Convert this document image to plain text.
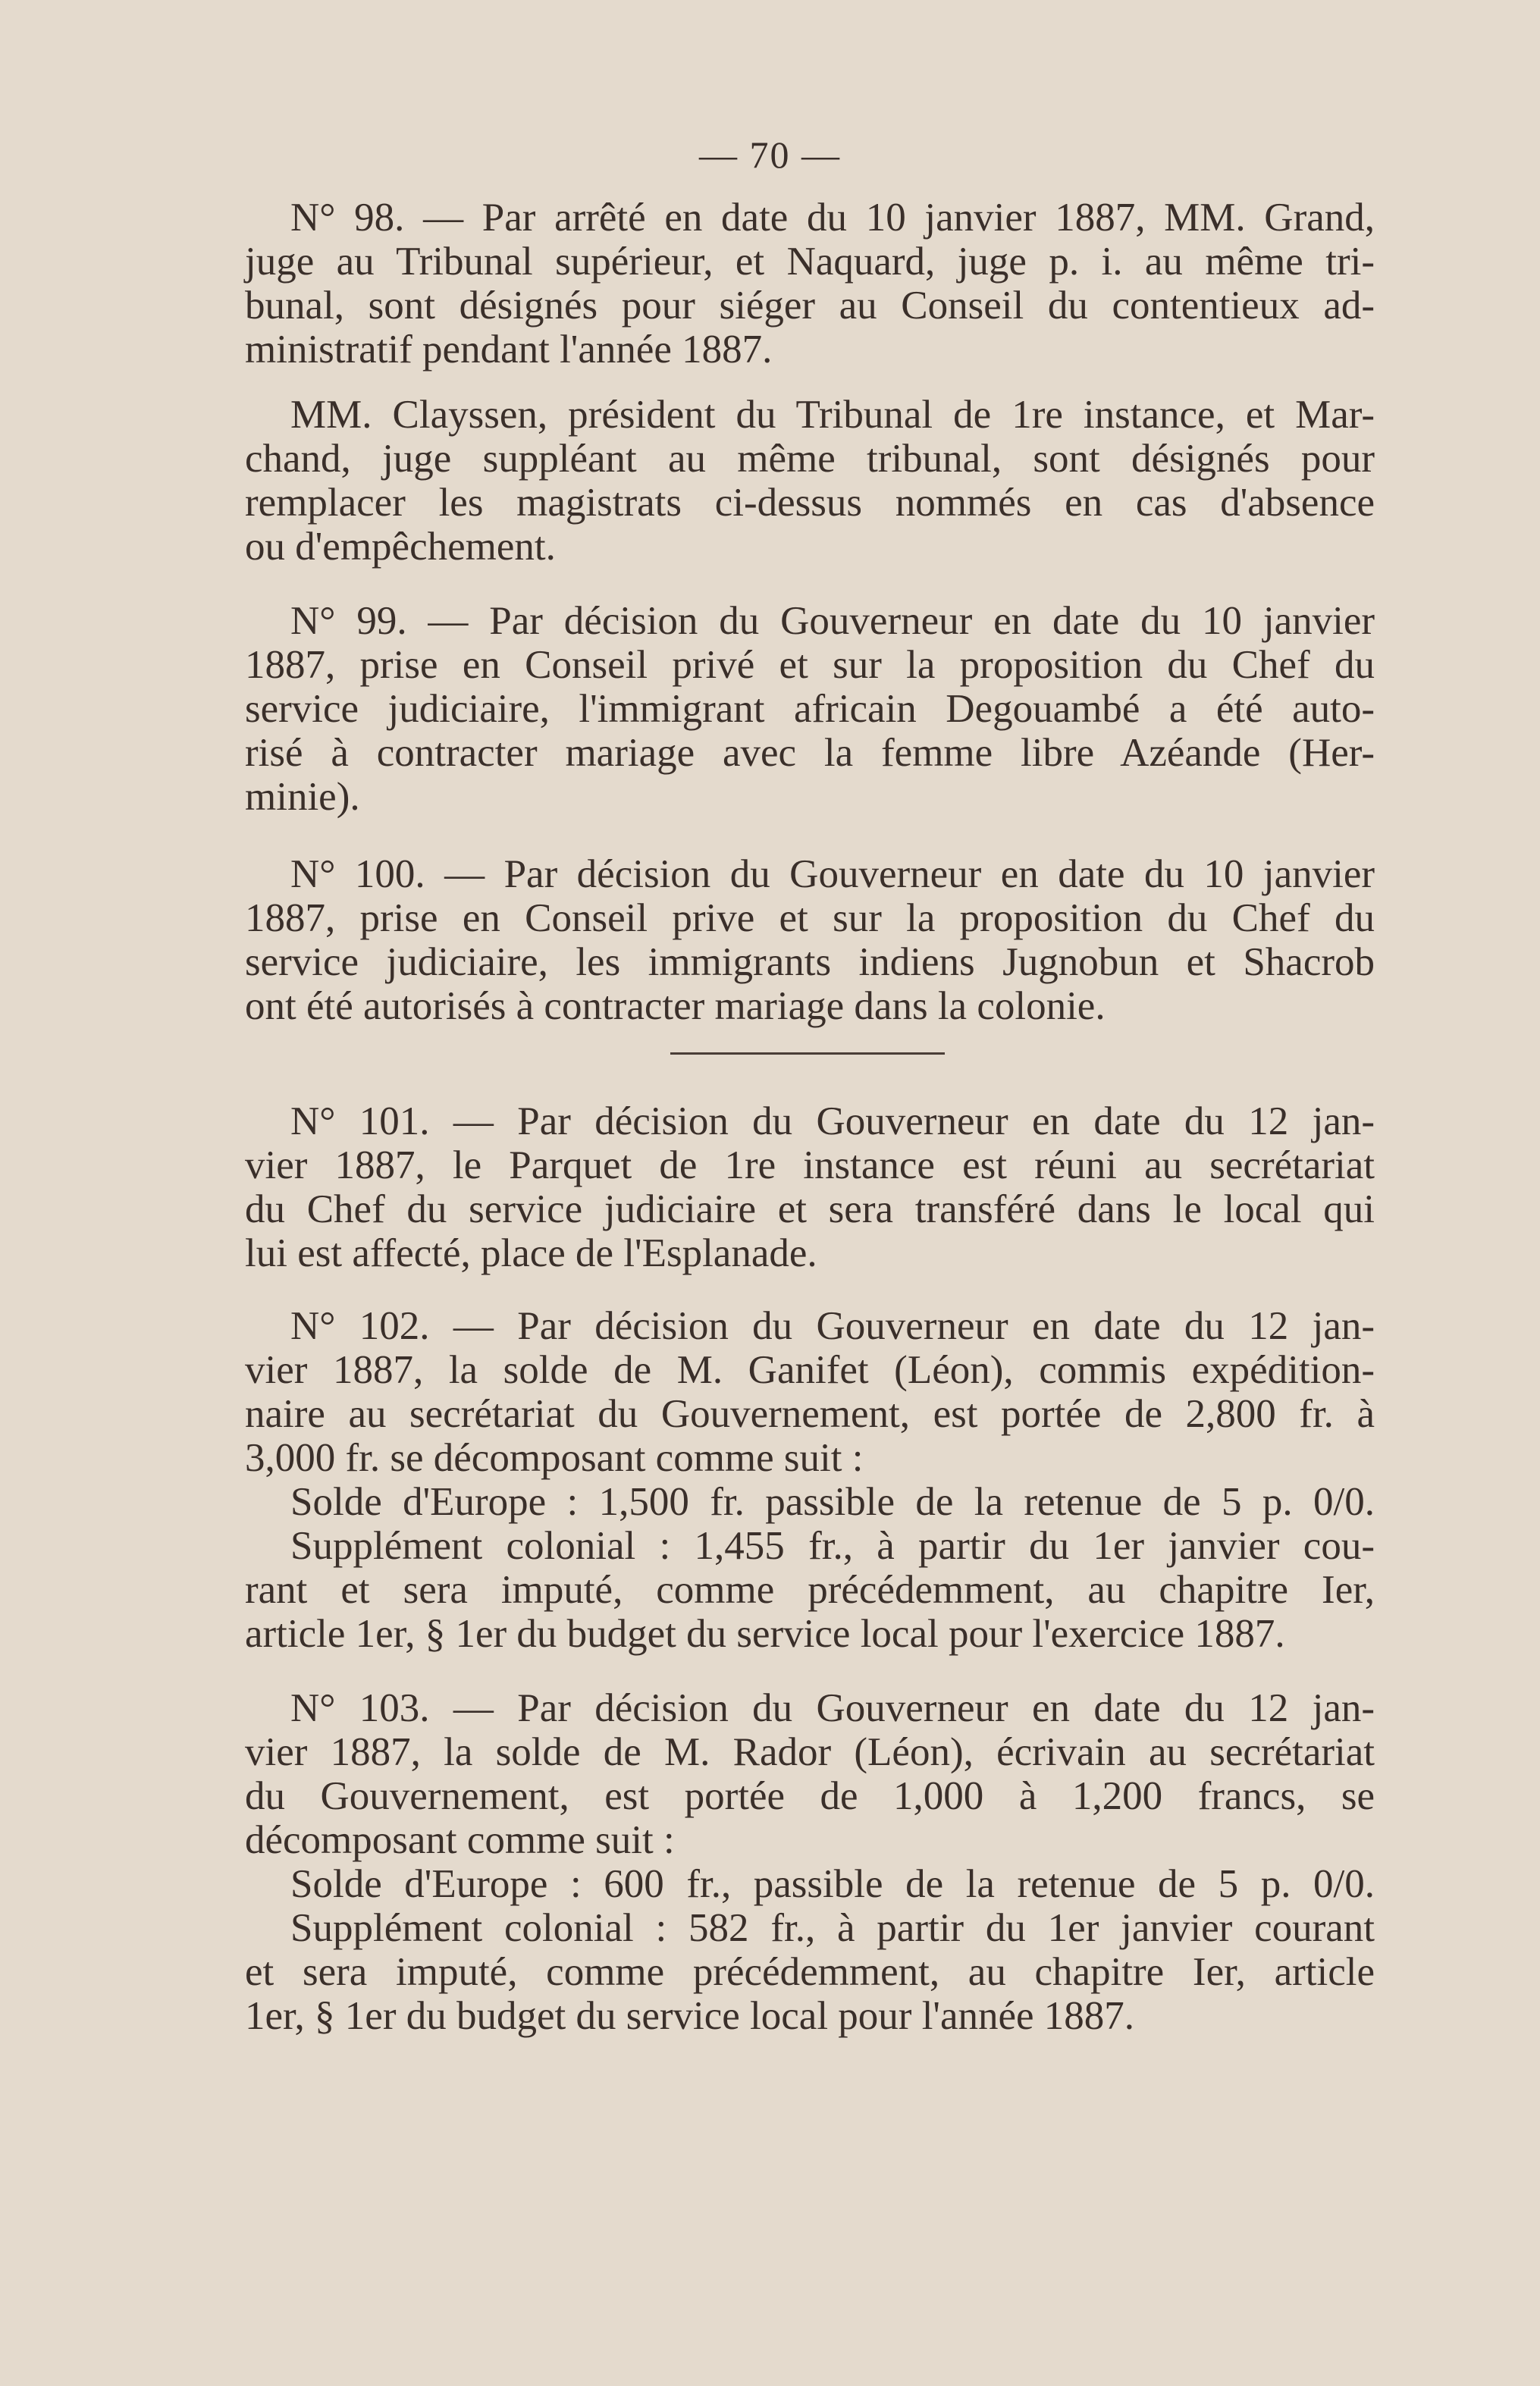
— 70 —
N° 98. — Par arrêté en date du 10 janvier 1887, MM. Grand,
juge au Tribunal supérieur, et Naquard, juge p. i. au même tri-
bunal, sont désignés pour siéger au Conseil du contentieux ad-
ministratif pendant l'année 1887.
MM. Clayssen, président du Tribunal de 1re instance, et Mar-
chand, juge suppléant au même tribunal, sont désignés pour
remplacer les magistrats ci-dessus nommés en cas d'absence
ou d'empêchement.
N° 99. — Par décision du Gouverneur en date du 10 janvier
1887, prise en Conseil privé et sur la proposition du Chef du
service judiciaire, l'immigrant africain Degouambé a été auto-
risé à contracter mariage avec la femme libre Azéande (Her-
minie).
N° 100. — Par décision du Gouverneur en date du 10 janvier
1887, prise en Conseil prive et sur la proposition du Chef du
service judiciaire, les immigrants indiens Jugnobun et Shacrob
ont été autorisés à contracter mariage dans la colonie.
N° 101. — Par décision du Gouverneur en date du 12 jan-
vier 1887, le Parquet de 1re instance est réuni au secrétariat
du Chef du service judiciaire et sera transféré dans le local qui
lui est affecté, place de l'Esplanade.
N° 102. — Par décision du Gouverneur en date du 12 jan-
vier 1887, la solde de M. Ganifet (Léon), commis expédition-
naire au secrétariat du Gouvernement, est portée de 2,800 fr. à
3,000 fr. se décomposant comme suit :
Solde d'Europe : 1,500 fr. passible de la retenue de 5 p. 0/0.
Supplément colonial : 1,455 fr., à partir du 1er janvier cou-
rant et sera imputé, comme précédemment, au chapitre Ier,
article 1er, § 1er du budget du service local pour l'exercice 1887.
N° 103. — Par décision du Gouverneur en date du 12 jan-
vier 1887, la solde de M. Rador (Léon), écrivain au secrétariat
du Gouvernement, est portée de 1,000 à 1,200 francs, se
décomposant comme suit :
Solde d'Europe : 600 fr., passible de la retenue de 5 p. 0/0.
Supplément colonial : 582 fr., à partir du 1er janvier courant
et sera imputé, comme précédemment, au chapitre Ier, article
1er, § 1er du budget du service local pour l'année 1887.
